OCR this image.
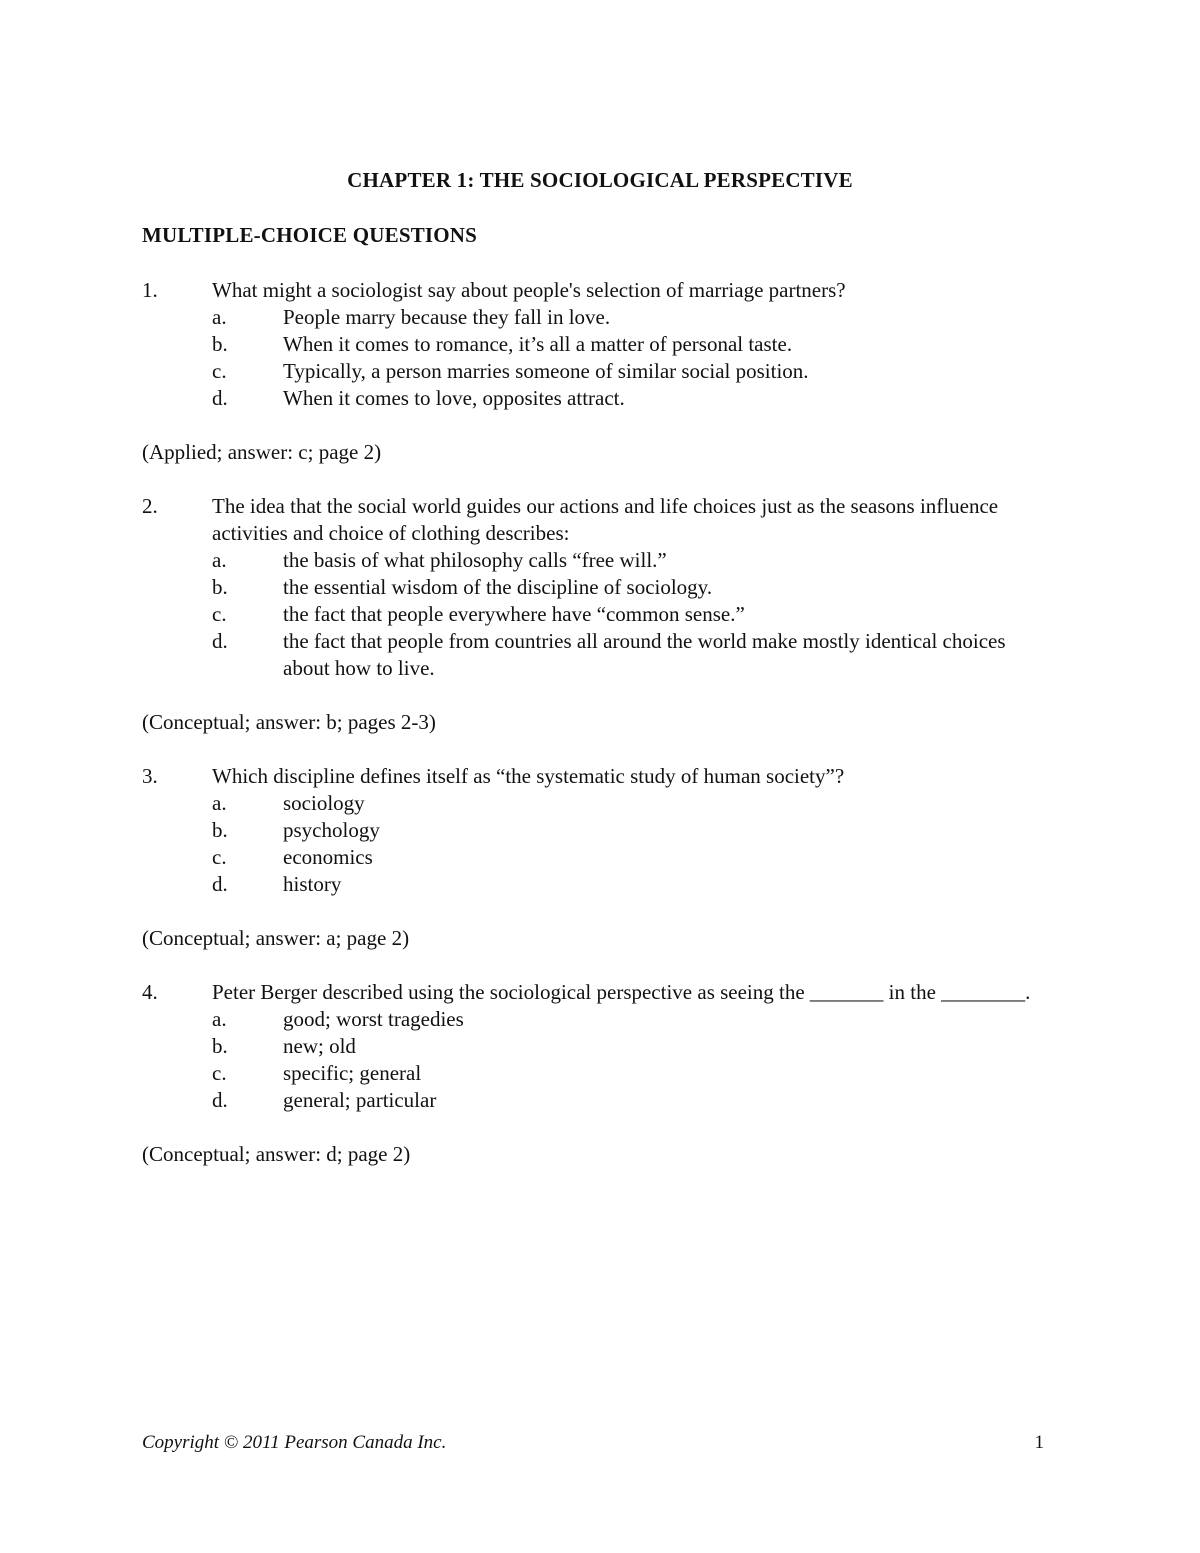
CHAPTER 1: THE SOCIOLOGICAL PERSPECTIVE
MULTIPLE-CHOICE QUESTIONS
1.	What might a sociologist say about people's selection of marriage partners?
a.	People marry because they fall in love.
b.	When it comes to romance, it’s all a matter of personal taste.
c.	Typically, a person marries someone of similar social position.
d.	When it comes to love, opposites attract.
(Applied; answer: c; page 2)
2.	The idea that the social world guides our actions and life choices just as the seasons influence activities and choice of clothing describes:
a.	the basis of what philosophy calls “free will.”
b.	the essential wisdom of the discipline of sociology.
c.	the fact that people everywhere have “common sense.”
d.	the fact that people from countries all around the world make mostly identical choices about how to live.
(Conceptual; answer: b; pages 2-3)
3.	Which discipline defines itself as “the systematic study of human society”?
a.	sociology
b.	psychology
c.	economics
d.	history
(Conceptual; answer: a; page 2)
4.	Peter Berger described using the sociological perspective as seeing the _______ in the ________.
a.	good; worst tragedies
b.	new; old
c.	specific; general
d.	general; particular
(Conceptual; answer: d; page 2)
Copyright © 2011 Pearson Canada Inc.	1
